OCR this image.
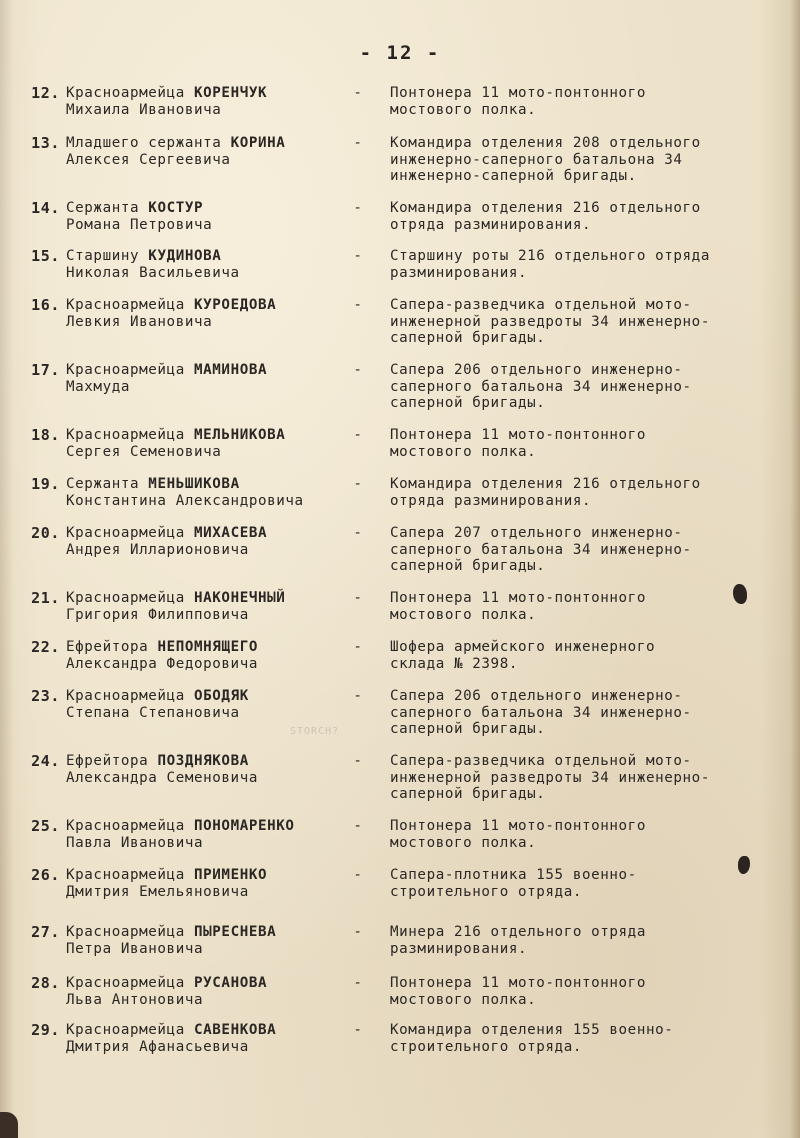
- 12 -
12. Красноармейца КОРЕНЧУК
Михаила Ивановича
- Понтонера 11 мото-понтонного
мостового полка.
13. Младшего сержанта КОРИНА
Алексея Сергеевича
- Командира отделения 208 отдельного
инженерно-саперного батальона 34
инженерно-саперной бригады.
14. Сержанта КОСТУР
Романа Петровича
- Командира отделения 216 отдельного
отряда разминирования.
15. Старшину КУДИНОВА
Николая Васильевича
- Старшину роты 216 отдельного отряда
разминирования.
16. Красноармейца КУРОЕДОВА
Левкия Ивановича
- Сапера-разведчика отдельной мото-
инженерной разведроты 34 инженерно-
саперной бригады.
17. Красноармейца МАМИНОВА
Махмуда
- Сапера 206 отдельного инженерно-
саперного батальона 34 инженерно-
саперной бригады.
18. Красноармейца МЕЛЬНИКОВА
Сергея Семеновича
- Понтонера 11 мото-понтонного
мостового полка.
19. Сержанта МЕНЬШИКОВА
Константина Александровича
- Командира отделения 216 отдельного
отряда разминирования.
20. Красноармейца МИХАСЕВА
Андрея Илларионовича
- Сапера 207 отдельного инженерно-
саперного батальона 34 инженерно-
саперной бригады.
21. Красноармейца НАКОНЕЧНЫЙ
Григория Филипповича
- Понтонера 11 мото-понтонного
мостового полка.
22. Ефрейтора НЕПОМНЯЩЕГО
Александра Федоровича
- Шофера армейского инженерного
склада № 2398.
23. Красноармейца ОБОДЯК
Степана Степановича
- Сапера 206 отдельного инженерно-
саперного батальона 34 инженерно-
саперной бригады.
24. Ефрейтора ПОЗДНЯКОВА
Александра Семеновича
- Сапера-разведчика отдельной мото-
инженерной разведроты 34 инженерно-
саперной бригады.
25. Красноармейца ПОНОМАРЕНКО
Павла Ивановича
- Понтонера 11 мото-понтонного
мостового полка.
26. Красноармейца ПРИМЕНКО
Дмитрия Емельяновича
- Сапера-плотника 155 военно-
строительного отряда.
27. Красноармейца ПЫРЕСНЕВА
Петра Ивановича
- Минера 216 отдельного отряда
разминирования.
28. Красноармейца РУСАНОВА
Льва Антоновича
- Понтонера 11 мото-понтонного
мостового полка.
29. Красноармейца САВЕНКОВА
Дмитрия Афанасьевича
- Командира отделения 155 военно-
строительного отряда.
STORCH?
